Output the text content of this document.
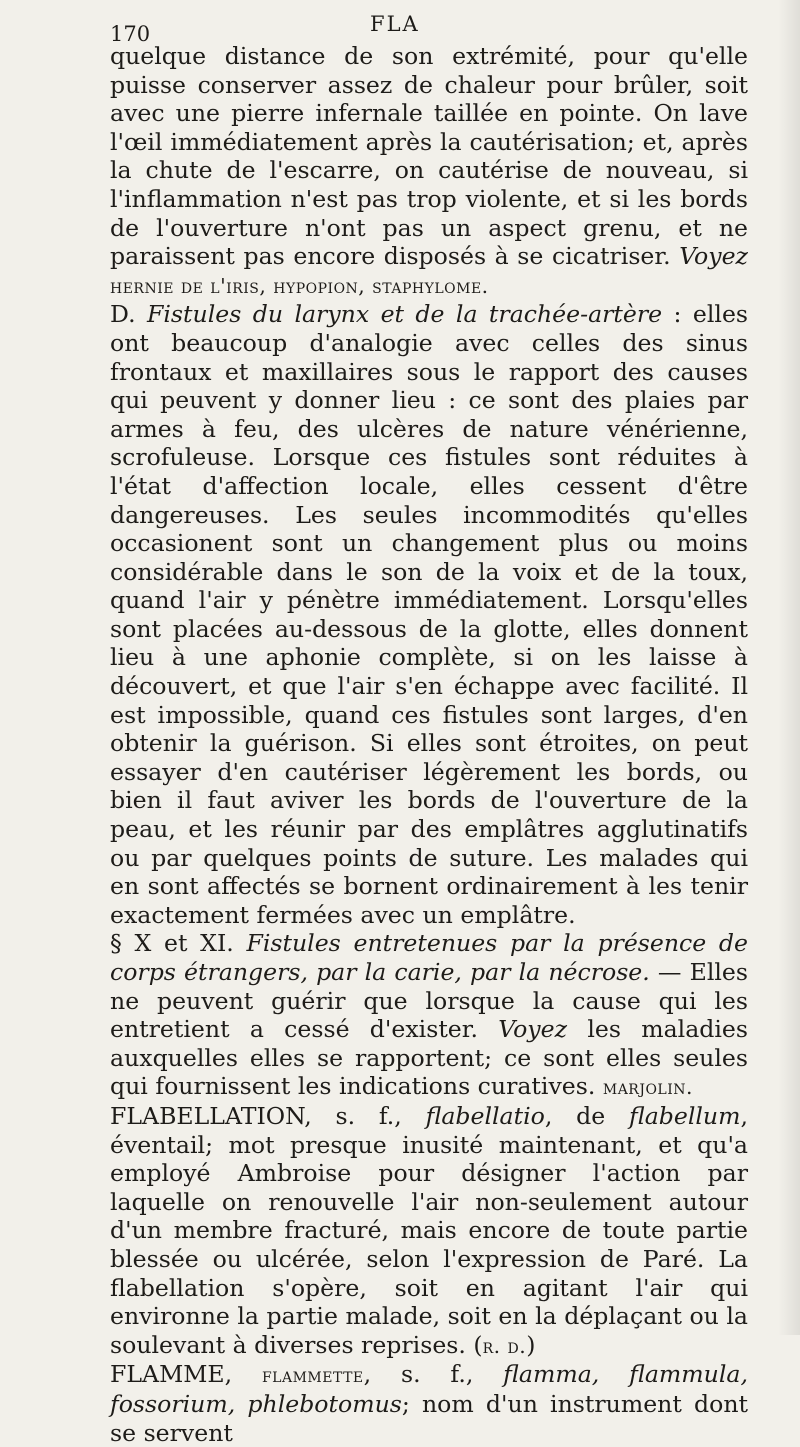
170	FLA

quelque distance de son extrémité, pour qu'elle puisse conserver assez de chaleur pour brûler, soit avec une pierre infernale taillée en pointe. On lave l'œil immédiatement après la cautérisation; et, après la chute de l'escarre, on cautérise de nouveau, si l'inflammation n'est pas trop violente, et si les bords de l'ouverture n'ont pas un aspect grenu, et ne paraissent pas encore disposés à se cicatriser. Voyez hernie de l'iris, hypopion, staphylome.

D. Fistules du larynx et de la trachée-artère : elles ont beaucoup d'analogie avec celles des sinus frontaux et maxillaires sous le rapport des causes qui peuvent y donner lieu : ce sont des plaies par armes à feu, des ulcères de nature vénérienne, scrofuleuse. Lorsque ces fistules sont réduites à l'état d'affection locale, elles cessent d'être dangereuses. Les seules incommodités qu'elles occasionent sont un changement plus ou moins considérable dans le son de la voix et de la toux, quand l'air y pénètre immédiatement. Lorsqu'elles sont placées au-dessous de la glotte, elles donnent lieu à une aphonie complète, si on les laisse à découvert, et que l'air s'en échappe avec facilité. Il est impossible, quand ces fistules sont larges, d'en obtenir la guérison. Si elles sont étroites, on peut essayer d'en cautériser légèrement les bords, ou bien il faut aviver les bords de l'ouverture de la peau, et les réunir par des emplâtres agglutinatifs ou par quelques points de suture. Les malades qui en sont affectés se bornent ordinairement à les tenir exactement fermées avec un emplâtre.

§ X et XI. Fistules entretenues par la présence de corps étrangers, par la carie, par la nécrose. — Elles ne peuvent guérir que lorsque la cause qui les entretient a cessé d'exister. Voyez les maladies auxquelles elles se rapportent; ce sont elles seules qui fournissent les indications curatives. marjolin.

FLABELLATION, s. f., flabellatio, de flabellum, éventail; mot presque inusité maintenant, et qu'a employé Ambroise pour désigner l'action par laquelle on renouvelle l'air non-seulement autour d'un membre fracturé, mais encore de toute partie blessée ou ulcérée, selon l'expression de Paré. La flabellation s'opère, soit en agitant l'air qui environne la partie malade, soit en la déplaçant ou la soulevant à diverses reprises. (r. d.)

FLAMME, flammette, s. f., flamma, flammula, fossorium, phlebotomus; nom d'un instrument dont se servent
